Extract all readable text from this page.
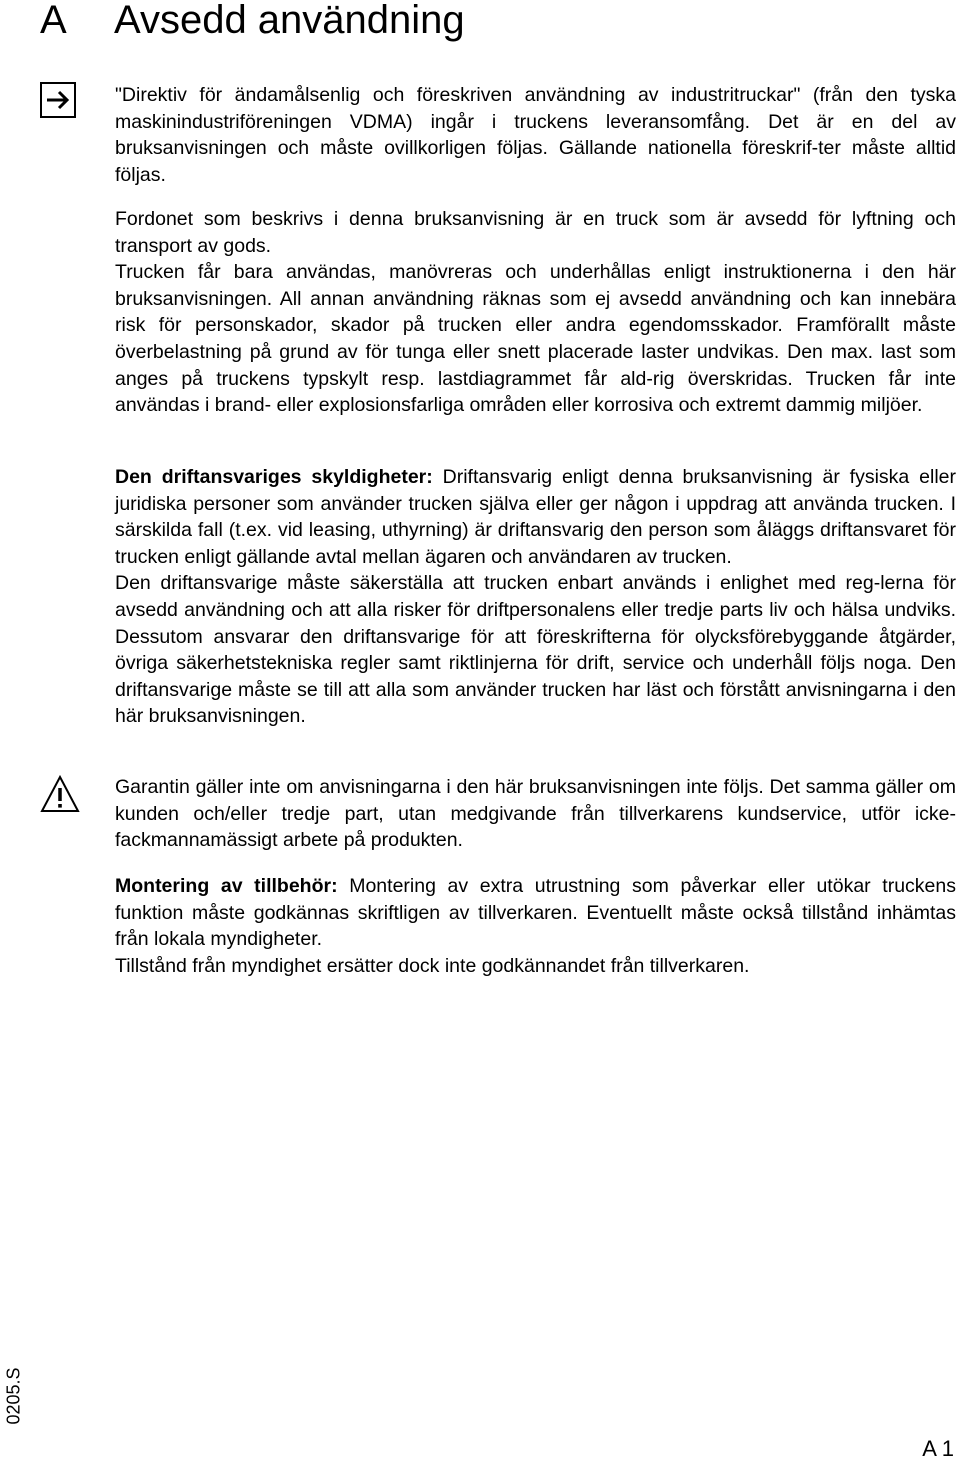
A Avsedd användning

"Direktiv för ändamålsenlig och föreskriven användning av industritruckar" (från den tyska maskinindustriföreningen VDMA) ingår i truckens leveransomfång. Det är en del av bruksanvisningen och måste ovillkorligen följas. Gällande nationella föreskrif-ter måste alltid följas.

Fordonet som beskrivs i denna bruksanvisning är en truck som är avsedd för lyftning och transport av gods.

Trucken får bara användas, manövreras och underhållas enligt instruktionerna i den här bruksanvisningen. All annan användning räknas som ej avsedd användning och kan innebära risk för personskador, skador på trucken eller andra egendomsskador. Framförallt måste överbelastning på grund av för tunga eller snett placerade laster undvikas. Den max. last som anges på truckens typskylt resp. lastdiagrammet får ald-rig överskridas. Trucken får inte användas i brand- eller explosionsfarliga områden eller korrosiva och extremt dammig miljöer.

Den driftansvariges skyldigheter: Driftansvarig enligt denna bruksanvisning är fysiska eller juridiska personer som använder trucken själva eller ger någon i uppdrag att använda trucken. I särskilda fall (t.ex. vid leasing, uthyrning) är driftansvarig den person som åläggs driftansvaret för trucken enligt gällande avtal mellan ägaren och användaren av trucken.

Den driftansvarige måste säkerställa att trucken enbart används i enlighet med reg-lerna för avsedd användning och att alla risker för driftpersonalens eller tredje parts liv och hälsa undviks. Dessutom ansvarar den driftansvarige för att föreskrifterna för olycksförebyggande åtgärder, övriga säkerhetstekniska regler samt riktlinjerna för drift, service och underhåll följs noga. Den driftansvarige måste se till att alla som använder trucken har läst och förstått anvisningarna i den här bruksanvisningen.

Garantin gäller inte om anvisningarna i den här bruksanvisningen inte följs. Det samma gäller om kunden och/eller tredje part, utan medgivande från tillverkarens kundservice, utför icke-fackmannamässigt arbete på produkten.

Montering av tillbehör: Montering av extra utrustning som påverkar eller utökar truckens funktion måste godkännas skriftligen av tillverkaren. Eventuellt måste också tillstånd inhämtas från lokala myndigheter.

Tillstånd från myndighet ersätter dock inte godkännandet från tillverkaren.

0205.S
A 1
